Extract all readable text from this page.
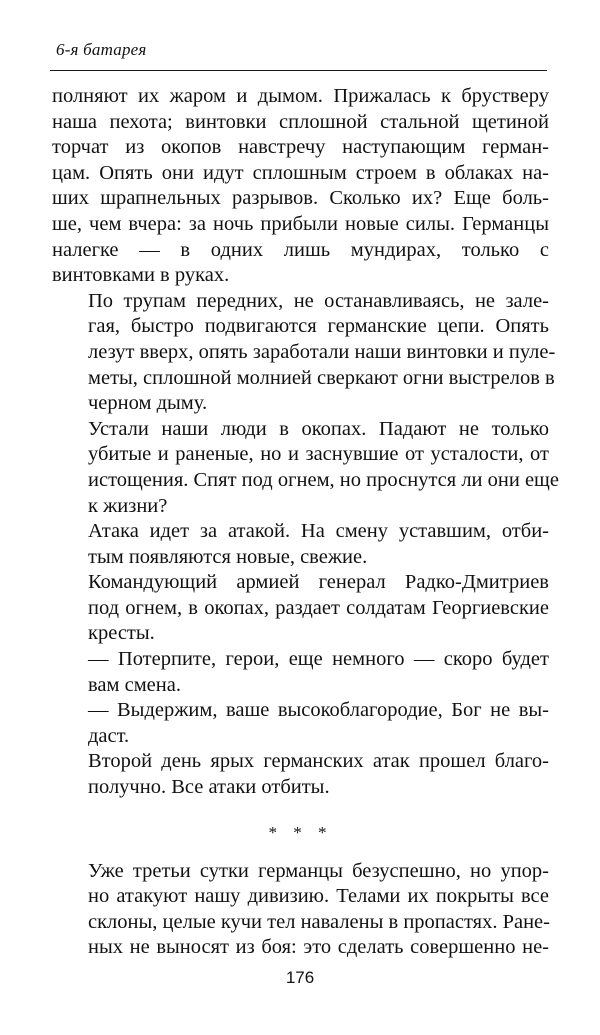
6-я батарея
полняют их жаром и дымом. Прижалась к брустверу
наша пехота; винтовки сплошной стальной щетиной
торчат из окопов навстречу наступающим герман-
цам. Опять они идут сплошным строем в облаках на-
ших шрапнельных разрывов. Сколько их? Еще боль-
ше, чем вчера: за ночь прибыли новые силы. Германцы
налегке — в одних лишь мундирах, только с
винтовками в руках.
По трупам передних, не останавливаясь, не зале-
гая, быстро подвигаются германские цепи. Опять
лезут вверх, опять заработали наши винтовки и пуле-
меты, сплошной молнией сверкают огни выстрелов в
черном дыму.
Устали наши люди в окопах. Падают не только
убитые и раненые, но и заснувшие от усталости, от
истощения. Спят под огнем, но проснутся ли они еще
к жизни?
Атака идет за атакой. На смену уставшим, отби-
тым появляются новые, свежие.
Командующий армией генерал Радко-Дмитриев
под огнем, в окопах, раздает солдатам Георгиевские
кресты.
— Потерпите, герои, еще немного — скоро будет
вам смена.
— Выдержим, ваше высокоблагородие, Бог не вы-
даст.
Второй день ярых германских атак прошел благо-
получно. Все атаки отбиты.
* * *
Уже третьи сутки германцы безуспешно, но упор-
но атакуют нашу дивизию. Телами их покрыты все
склоны, целые кучи тел навалены в пропастях. Ране-
ных не выносят из боя: это сделать совершенно не-
176
